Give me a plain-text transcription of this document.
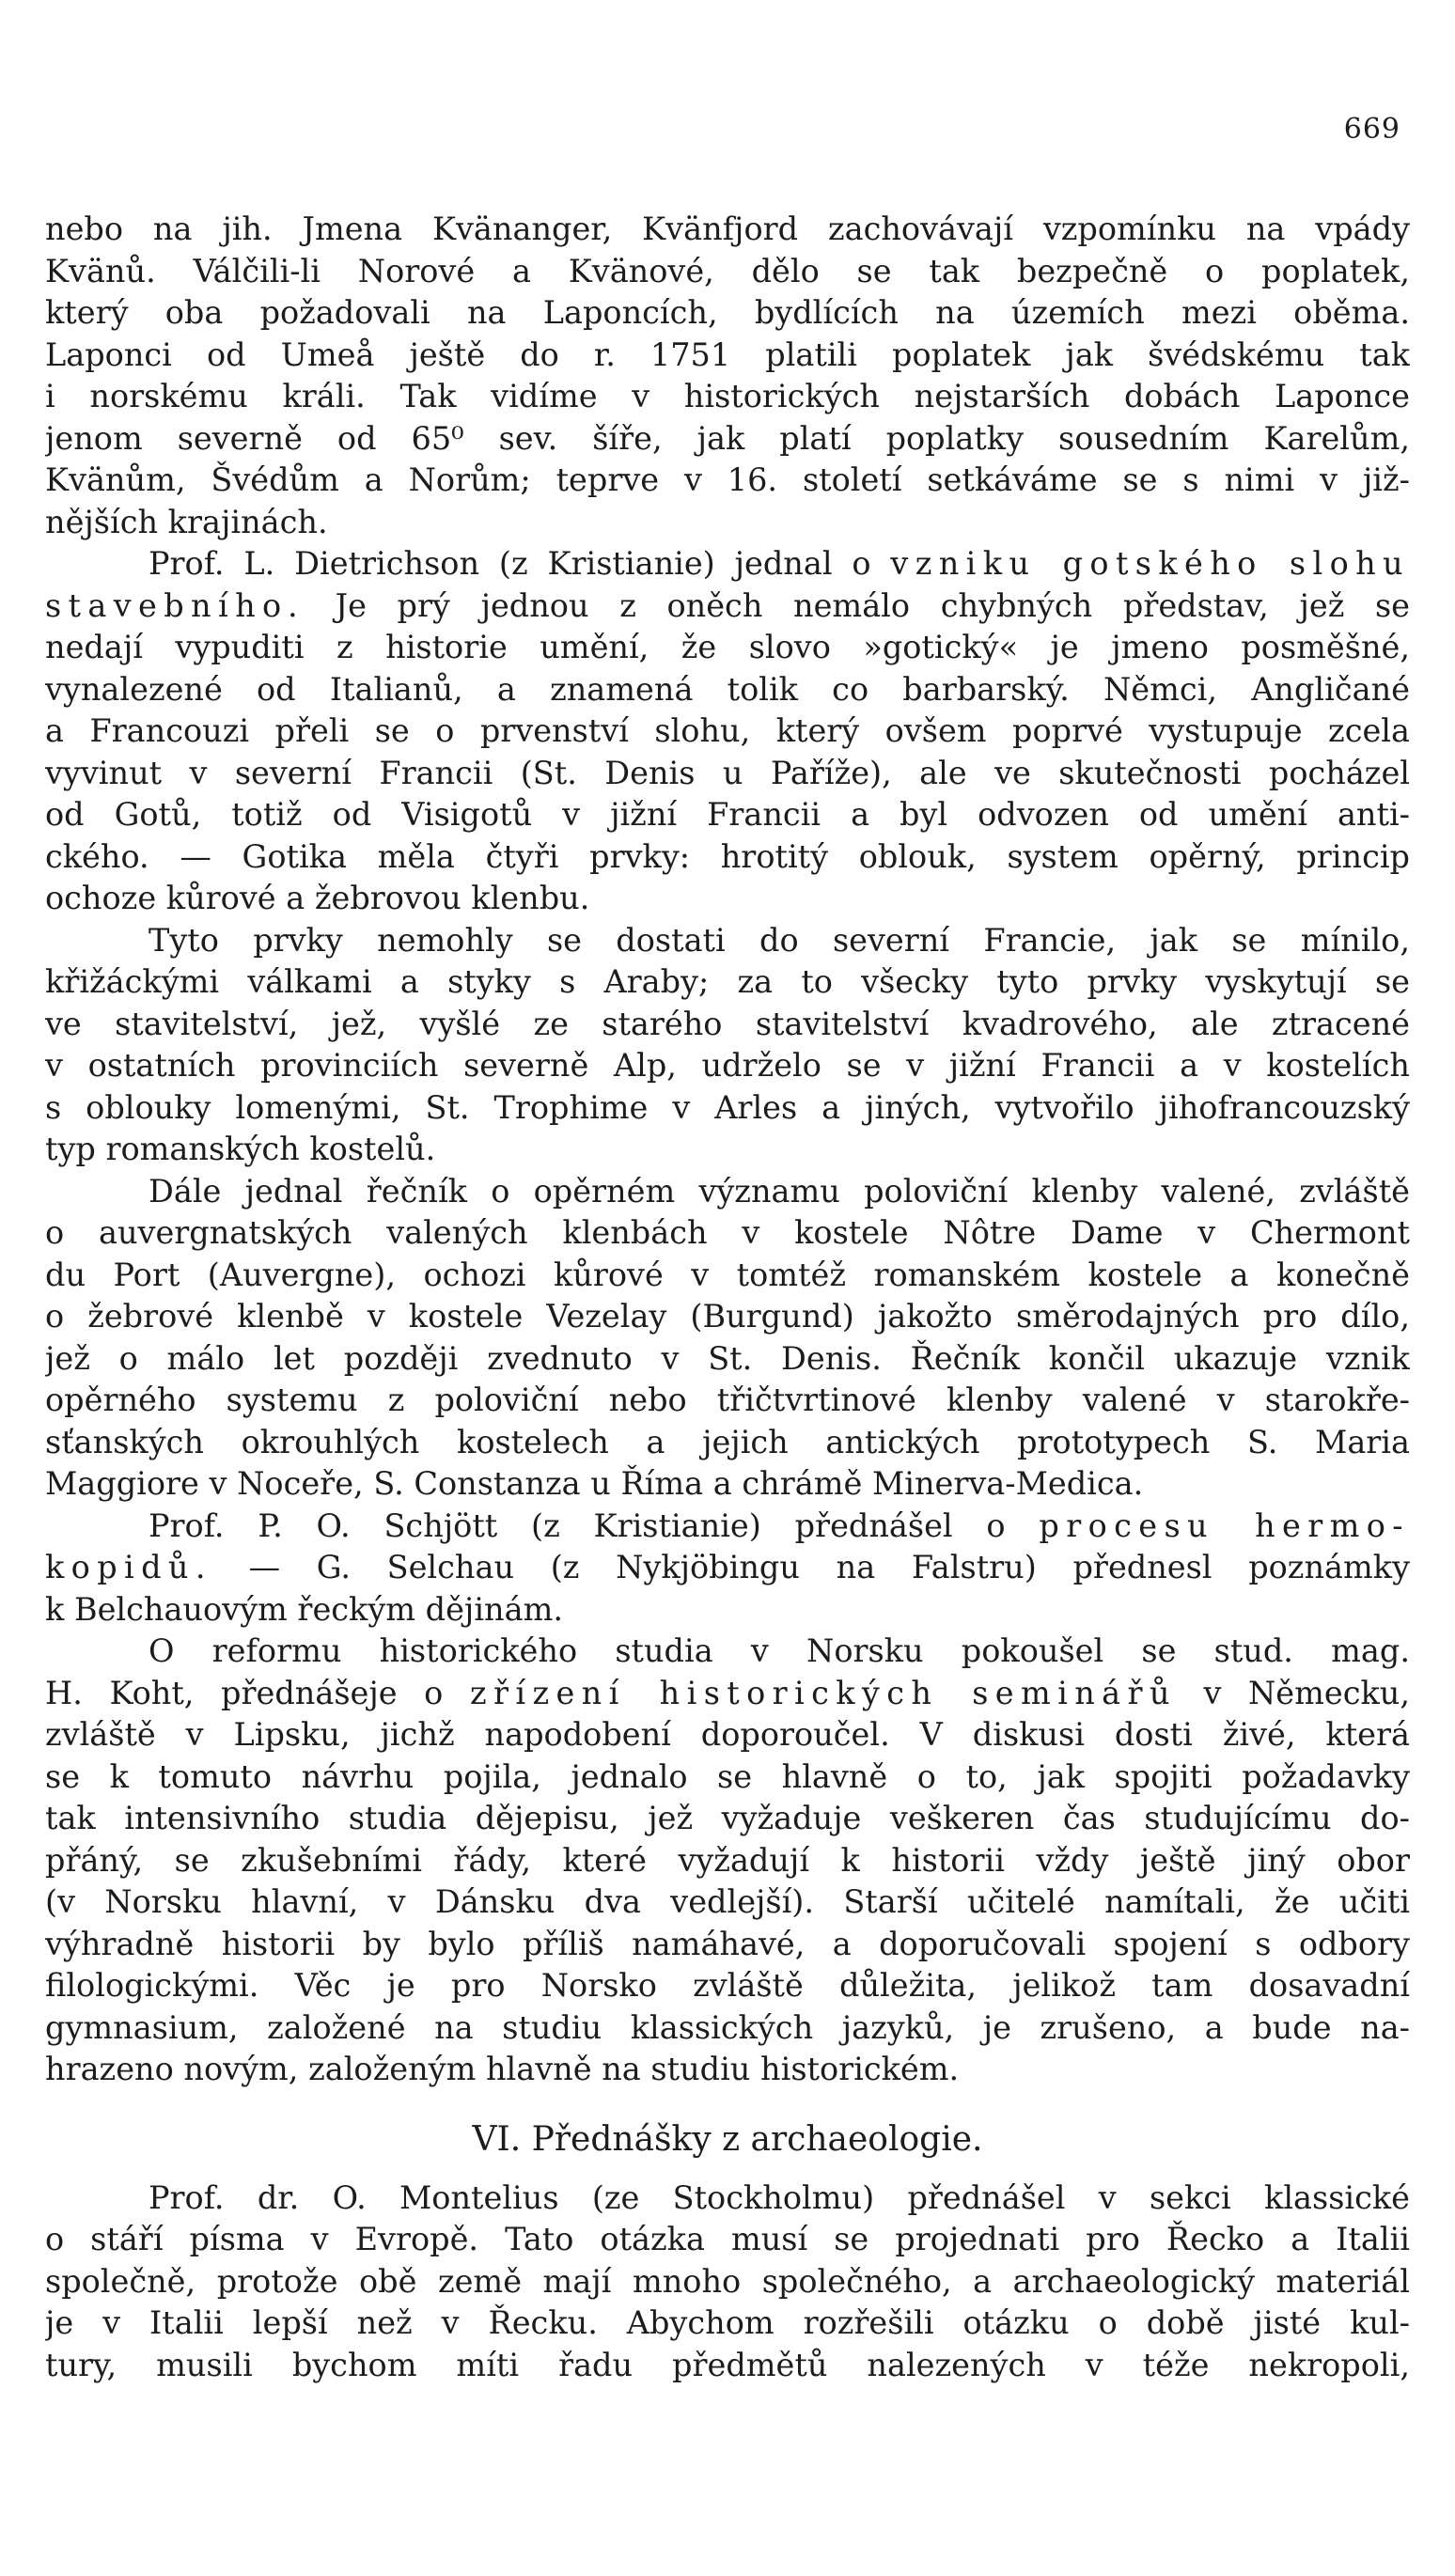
669
nebo na jih. Jmena Kvänanger, Kvänfjord zachovávají vzpomínku na vpády
Kvänů. Válčili-li Norové a Kvänové, dělo se tak bezpečně o poplatek,
který oba požadovali na Laponcích, bydlících na územích mezi oběma.
Laponci od Umeå ještě do r. 1751 platili poplatek jak švédskému tak
i norskému králi. Tak vidíme v historických nejstarších dobách Laponce
jenom severně od 65⁰ sev. šíře, jak platí poplatky sousedním Karelům,
Kvänům, Švédům a Norům; teprve v 16. století setkáváme se s nimi v již-
nějších krajinách.
Prof. L. Dietrichson (z Kristianie) jednal o vzniku gotského slohu
stavebního. Je prý jednou z oněch nemálo chybných představ, jež se
nedají vypuditi z historie umění, že slovo »gotický« je jmeno posměšné,
vynalezené od Italianů, a znamená tolik co barbarský. Němci, Angličané
a Francouzi přeli se o prvenství slohu, který ovšem poprvé vystupuje zcela
vyvinut v severní Francii (St. Denis u Paříže), ale ve skutečnosti pocházel
od Gotů, totiž od Visigotů v jižní Francii a byl odvozen od umění anti-
ckého. — Gotika měla čtyři prvky: hrotitý oblouk, system opěrný, princip
ochoze kůrové a žebrovou klenbu.
Tyto prvky nemohly se dostati do severní Francie, jak se mínilo,
křižáckými válkami a styky s Araby; za to všecky tyto prvky vyskytují se
ve stavitelství, jež, vyšlé ze starého stavitelství kvadrového, ale ztracené
v ostatních provinciích severně Alp, udrželo se v jižní Francii a v kostelích
s oblouky lomenými, St. Trophime v Arles a jiných, vytvořilo jihofrancouzský
typ romanských kostelů.
Dále jednal řečník o opěrném významu poloviční klenby valené, zvláště
o auvergnatských valených klenbách v kostele Nôtre Dame v Chermont
du Port (Auvergne), ochozi kůrové v tomtéž romanském kostele a konečně
o žebrové klenbě v kostele Vezelay (Burgund) jakožto směrodajných pro dílo,
jež o málo let později zvednuto v St. Denis. Řečník končil ukazuje vznik
opěrného systemu z poloviční nebo třičtvrtinové klenby valené v starokře-
sťanských okrouhlých kostelech a jejich antických prototypech S. Maria
Maggiore v Noceře, S. Constanza u Říma a chrámě Minerva-Medica.
Prof. P. O. Schjött (z Kristianie) přednášel o procesu hermo-
kopidů. — G. Selchau (z Nykjöbingu na Falstru) přednesl poznámky
k Belchauovým řeckým dějinám.
O reformu historického studia v Norsku pokoušel se stud. mag.
H. Koht, přednášeje o zřízení historických seminářů v Německu,
zvláště v Lipsku, jichž napodobení doporoučel. V diskusi dosti živé, která
se k tomuto návrhu pojila, jednalo se hlavně o to, jak spojiti požadavky
tak intensivního studia dějepisu, jež vyžaduje veškeren čas studujícímu do-
přáný, se zkušebními řády, které vyžadují k historii vždy ještě jiný obor
(v Norsku hlavní, v Dánsku dva vedlejší). Starší učitelé namítali, že učiti
výhradně historii by bylo příliš namáhavé, a doporučovali spojení s odbory
filologickými. Věc je pro Norsko zvláště důležita, jelikož tam dosavadní
gymnasium, založené na studiu klassických jazyků, je zrušeno, a bude na-
hrazeno novým, založeným hlavně na studiu historickém.
VI. Přednášky z archaeologie.
Prof. dr. O. Montelius (ze Stockholmu) přednášel v sekci klassické
o stáří písma v Evropě. Tato otázka musí se projednati pro Řecko a Italii
společně, protože obě země mají mnoho společného, a archaeologický materiál
je v Italii lepší než v Řecku. Abychom rozřešili otázku o době jisté kul-
tury, musili bychom míti řadu předmětů nalezených v téže nekropoli,
